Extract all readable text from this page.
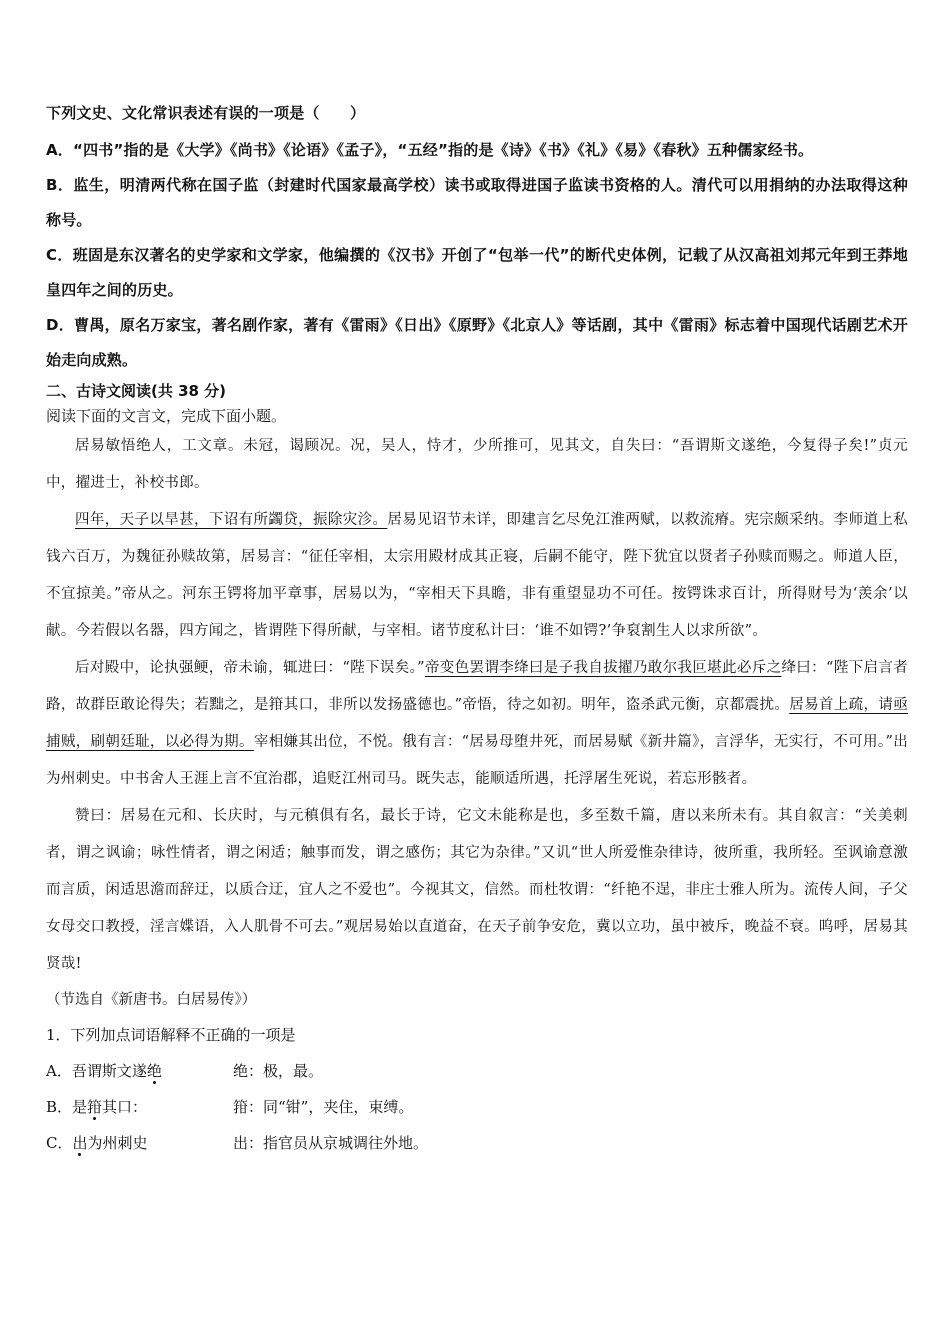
下列文史、文化常识表述有误的一项是（　　）

A．“四书”指的是《大学》《尚书》《论语》《孟子》，“五经”指的是《诗》《书》《礼》《易》《春秋》五种儒家经书。

B．监生，明清两代称在国子监（封建时代国家最高学校）读书或取得进国子监读书资格的人。清代可以用捐纳的办法取得这种称号。

C．班固是东汉著名的史学家和文学家，他编撰的《汉书》开创了“包举一代”的断代史体例，记载了从汉高祖刘邦元年到王莽地皇四年之间的历史。

D．曹禺，原名万家宝，著名剧作家，著有《雷雨》《日出》《原野》《北京人》等话剧，其中《雷雨》标志着中国现代话剧艺术开始走向成熟。

二、古诗文阅读(共 38 分)
阅读下面的文言文，完成下面小题。

居易敏悟绝人，工文章。未冠，谒顾况。况，吴人，恃才，少所推可，见其文，自失曰：“吾谓斯文遂绝，今复得子矣!”贞元中，擢进士，补校书郎。

四年，天子以旱甚，下诏有所蠲贷，振除灾沴。居易见诏节未详，即建言乞尽免江淮两赋，以救流瘠。宪宗颇采纳。李师道上私钱六百万，为魏征孙赎故第，居易言：“征任宰相，太宗用殿材成其正寝，后嗣不能守，陛下犹宜以贤者子孙赎而赐之。师道人臣，不宜掠美。”帝从之。河东王锷将加平章事，居易以为，“宰相天下具瞻，非有重望显功不可任。按锷诛求百计，所得财号为‘羡余’以献。今若假以名器，四方闻之，皆谓陛下得所献，与宰相。诸节度私计曰：‘谁不如锷?’争裒割生人以求所欲”。

后对殿中，论执强鲠，帝未谕，辄进曰：“陛下误矣。”帝变色罢谓李绛曰是子我自拔擢乃敢尔我叵堪此必斥之绛曰：“陛下启言者路，故群臣敢论得失；若黜之，是箝其口，非所以发扬盛德也。”帝悟，待之如初。明年，盗杀武元衡，京都震扰。居易首上疏，请亟捕贼，刷朝廷耻，以必得为期。宰相嫌其出位，不悦。俄有言：“居易母堕井死，而居易赋《新井篇》，言浮华，无实行，不可用。”出为州刺史。中书舍人王涯上言不宜治郡，追贬江州司马。既失志，能顺适所遇，托浮屠生死说，若忘形骸者。

赞曰：居易在元和、长庆时，与元稹俱有名，最长于诗，它文未能称是也，多至数千篇，唐以来所未有。其自叙言：“关美刺者，谓之讽谕；咏性情者，谓之闲适；触事而发，谓之感伤；其它为杂律。”又讥“世人所爱惟杂律诗，彼所重，我所轻。至讽谕意激而言质，闲适思澹而辞迂，以质合迂，宜人之不爱也”。今视其文，信然。而杜牧谓：“纤艳不逞，非庄士雅人所为。流传人间，子父女母交口教授，淫言媟语，入人肌骨不可去。”观居易始以直道奋，在天子前争安危，冀以立功，虽中被斥，晚益不衰。呜呼，居易其贤哉!

（节选自《新唐书。白居易传》）
1．下列加点词语解释不正确的一项是
A．吾谓斯文遂绝	绝：极，最。
B．是箝其口：	箝：同“钳”，夹住，束缚。
C．出为州刺史	出：指官员从京城调往外地。
